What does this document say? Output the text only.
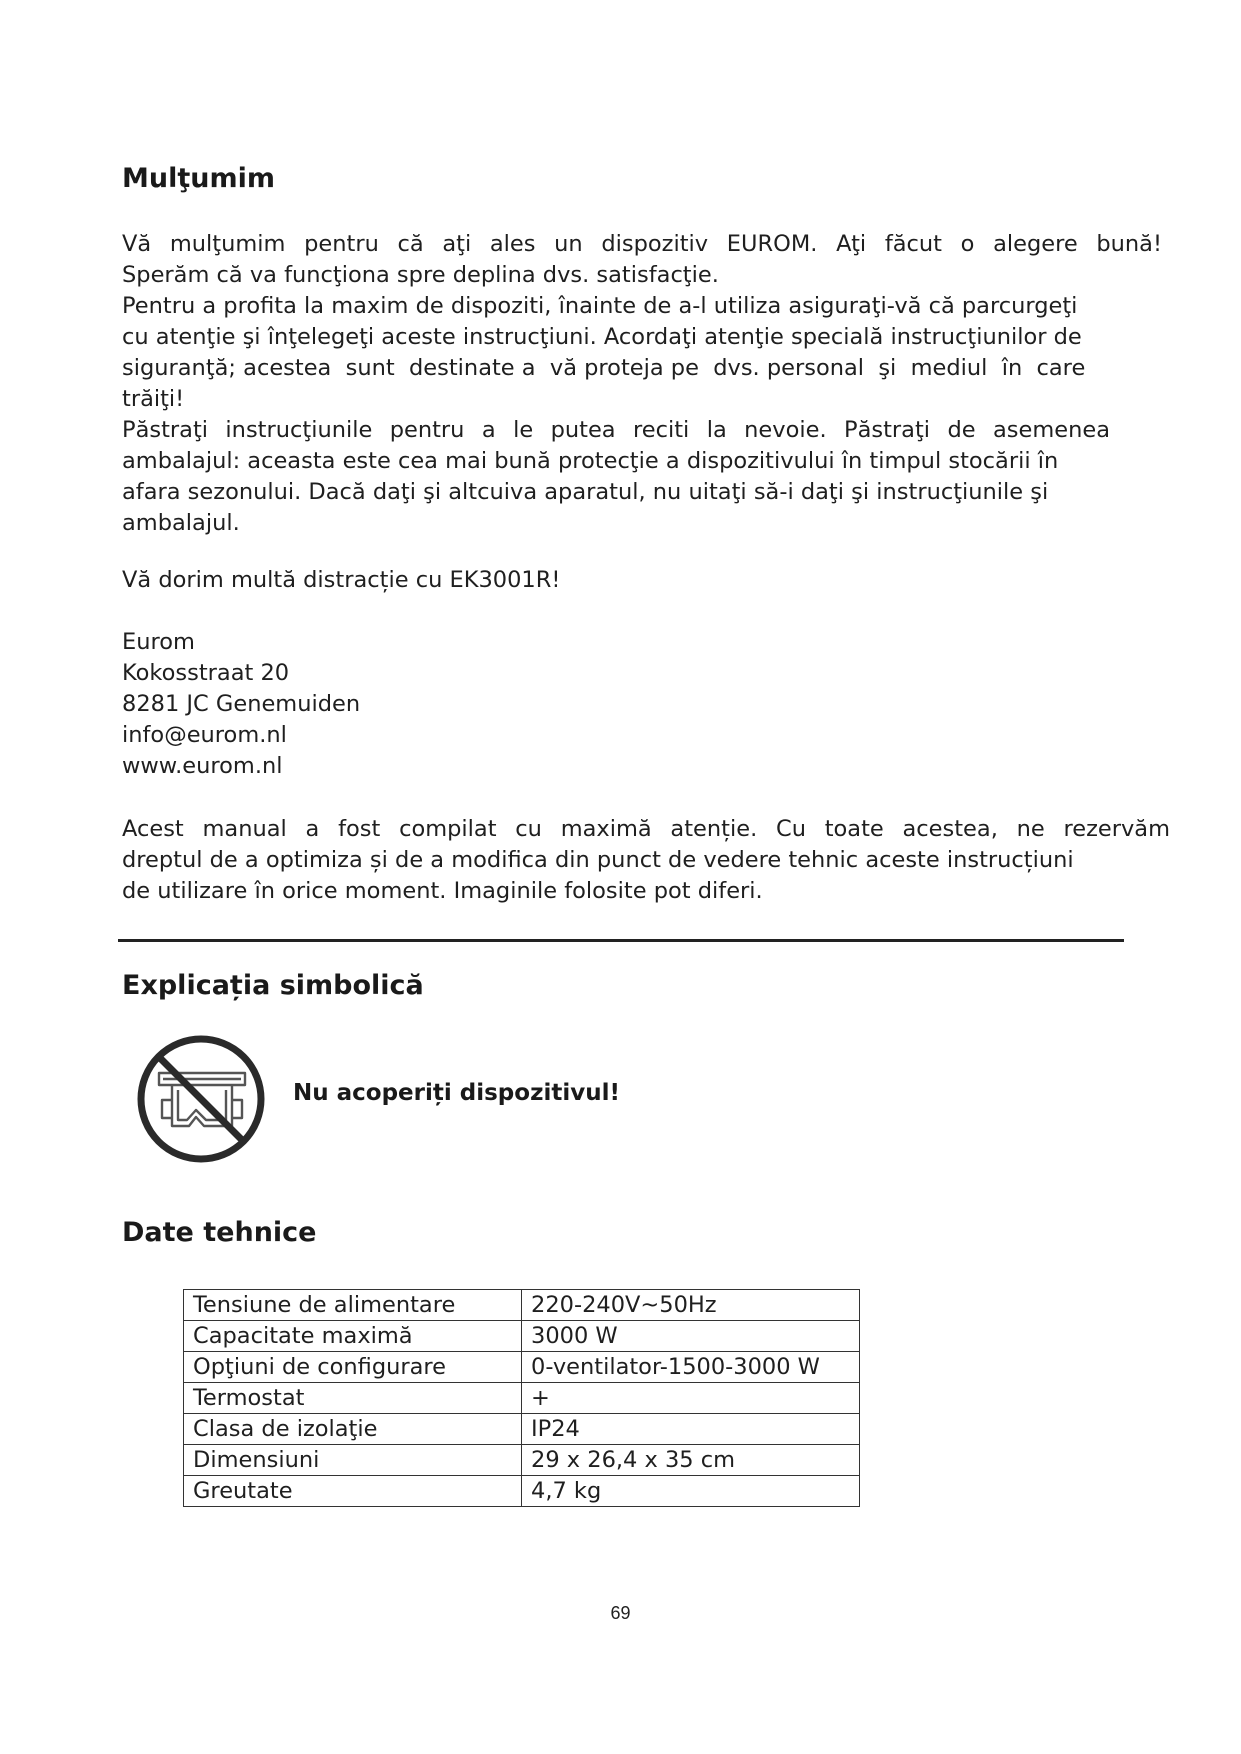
Mulţumim
Vă mulţumim pentru că aţi ales un dispozitiv EUROM. Aţi făcut o alegere bună!
Sperăm că va funcţiona spre deplina dvs. satisfacţie.
Pentru a profita la maxim de dispoziti, înainte de a-l utiliza asiguraţi-vă că parcurgeţi
cu atenţie şi înţelegeţi aceste instrucţiuni. Acordaţi atenţie specială instrucţiunilor de
siguranţă; acestea  sunt  destinate a  vă proteja pe  dvs. personal  şi  mediul  în  care
trăiţi!
Păstraţi instrucţiunile pentru a le putea reciti la nevoie. Păstraţi de asemenea
ambalajul: aceasta este cea mai bună protecţie a dispozitivului în timpul stocării în
afara sezonului. Dacă daţi şi altcuiva aparatul, nu uitaţi să-i daţi şi instrucţiunile şi
ambalajul.
Vă dorim multă distracție cu EK3001R!
Eurom
Kokosstraat 20
8281 JC Genemuiden
info@eurom.nl
www.eurom.nl
Acest manual a fost compilat cu maximă atenție. Cu toate acestea, ne rezervăm
dreptul de a optimiza și de a modifica din punct de vedere tehnic aceste instrucțiuni
de utilizare în orice moment. Imaginile folosite pot diferi.
Explicația simbolică
Nu acoperiți dispozitivul!
Date tehnice
Tensiune de alimentare	220-240V~50Hz
Capacitate maximă	3000 W
Opţiuni de configurare	0-ventilator-1500-3000 W
Termostat	+
Clasa de izolaţie	IP24
Dimensiuni	29 x 26,4 x 35 cm
Greutate	4,7 kg
69
